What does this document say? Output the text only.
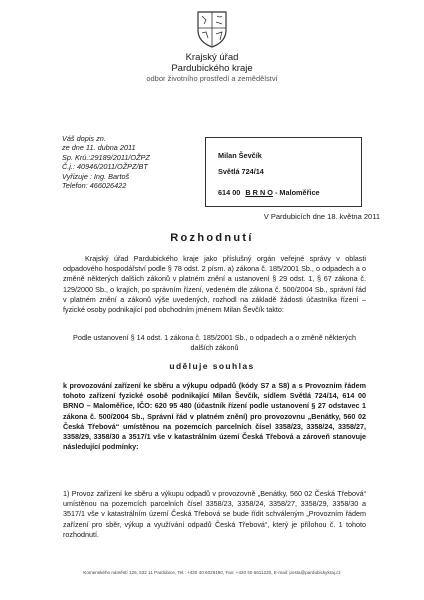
Krajský úřad
Pardubického kraje
odbor životního prostředí a zemědělství
Váš dopis zn.
ze dne 11. dubna 2011
Sp. Krú.:29189/2011/OŽPZ
Č.j.: 40946/2011/OŽPZ/BT
Vyřizuje : Ing. Bartoš
Telefon: 466026422
Milan Ševčík
Světlá 724/14
614 00 B R N O - Maloměřice
V Pardubicích dne 18. května 2011
Rozhodnutí
Krajský úřad Pardubického kraje jako příslušný orgán veřejné správy v oblasti odpadového hospodářství podle § 78 odst. 2 písm. a) zákona č. 185/2001 Sb., o odpadech a o změně některých dalších zákonů v platném znění a ustanovení § 29 odst. 1, § 67 zákona č. 129/2000 Sb., o krajích, po správním řízení, vedeném dle zákona č. 500/2004 Sb., správní řád v platném znění a zákonů výše uvedených, rozhodl na základě žádosti účastníka řízení – fyzické osoby podnikající pod obchodním jménem Milan Ševčík takto:
Podle ustanovení § 14 odst. 1 zákona č. 185/2001 Sb., o odpadech a o změně některých dalších zákonů
uděluje souhlas
k provozování zařízení ke sběru a výkupu odpadů (kódy S7 a S8) a s Provozním řádem tohoto zařízení fyzické osobě podnikající Milan Ševčík, sídlem Světlá 724/14, 614 00 BRNO – Maloměřice, IČO: 620 95 480 (účastník řízení podle ustanovení § 27 odstavec 1 zákona č. 500/2004 Sb., Správní řád v platném znění) pro provozovnu „Benátky, 560 02 Česká Třebová“ umístěnou na pozemcích parcelních čísel 3358/23, 3358/24, 3358/27, 3358/29, 3358/30 a 3517/1 vše v katastrálním území Česká Třebová a zároveň stanovuje následující podmínky:
1) Provoz zařízení ke sběru a výkupu odpadů v provozovně „Benátky, 560 02 Česká Třebová“ umístěnou na pozemcích parcelních čísel 3358/23, 3358/24, 3358/27, 3358/29, 3358/30 a 3517/1 vše v katastrálním území Česká Třebová se bude řídit schváleným „Provozním řádem zařízení pro sběr, výkup a využívání odpadů Česká Třebová“, který je přílohou č. 1 tohoto rozhodnutí.
Komenského náměstí 125, 532 11 Pardubice, Tel.: +420 40 6026190, Fax: +420 40 6611220, E-mail: posta@pardubickykraj.cz
